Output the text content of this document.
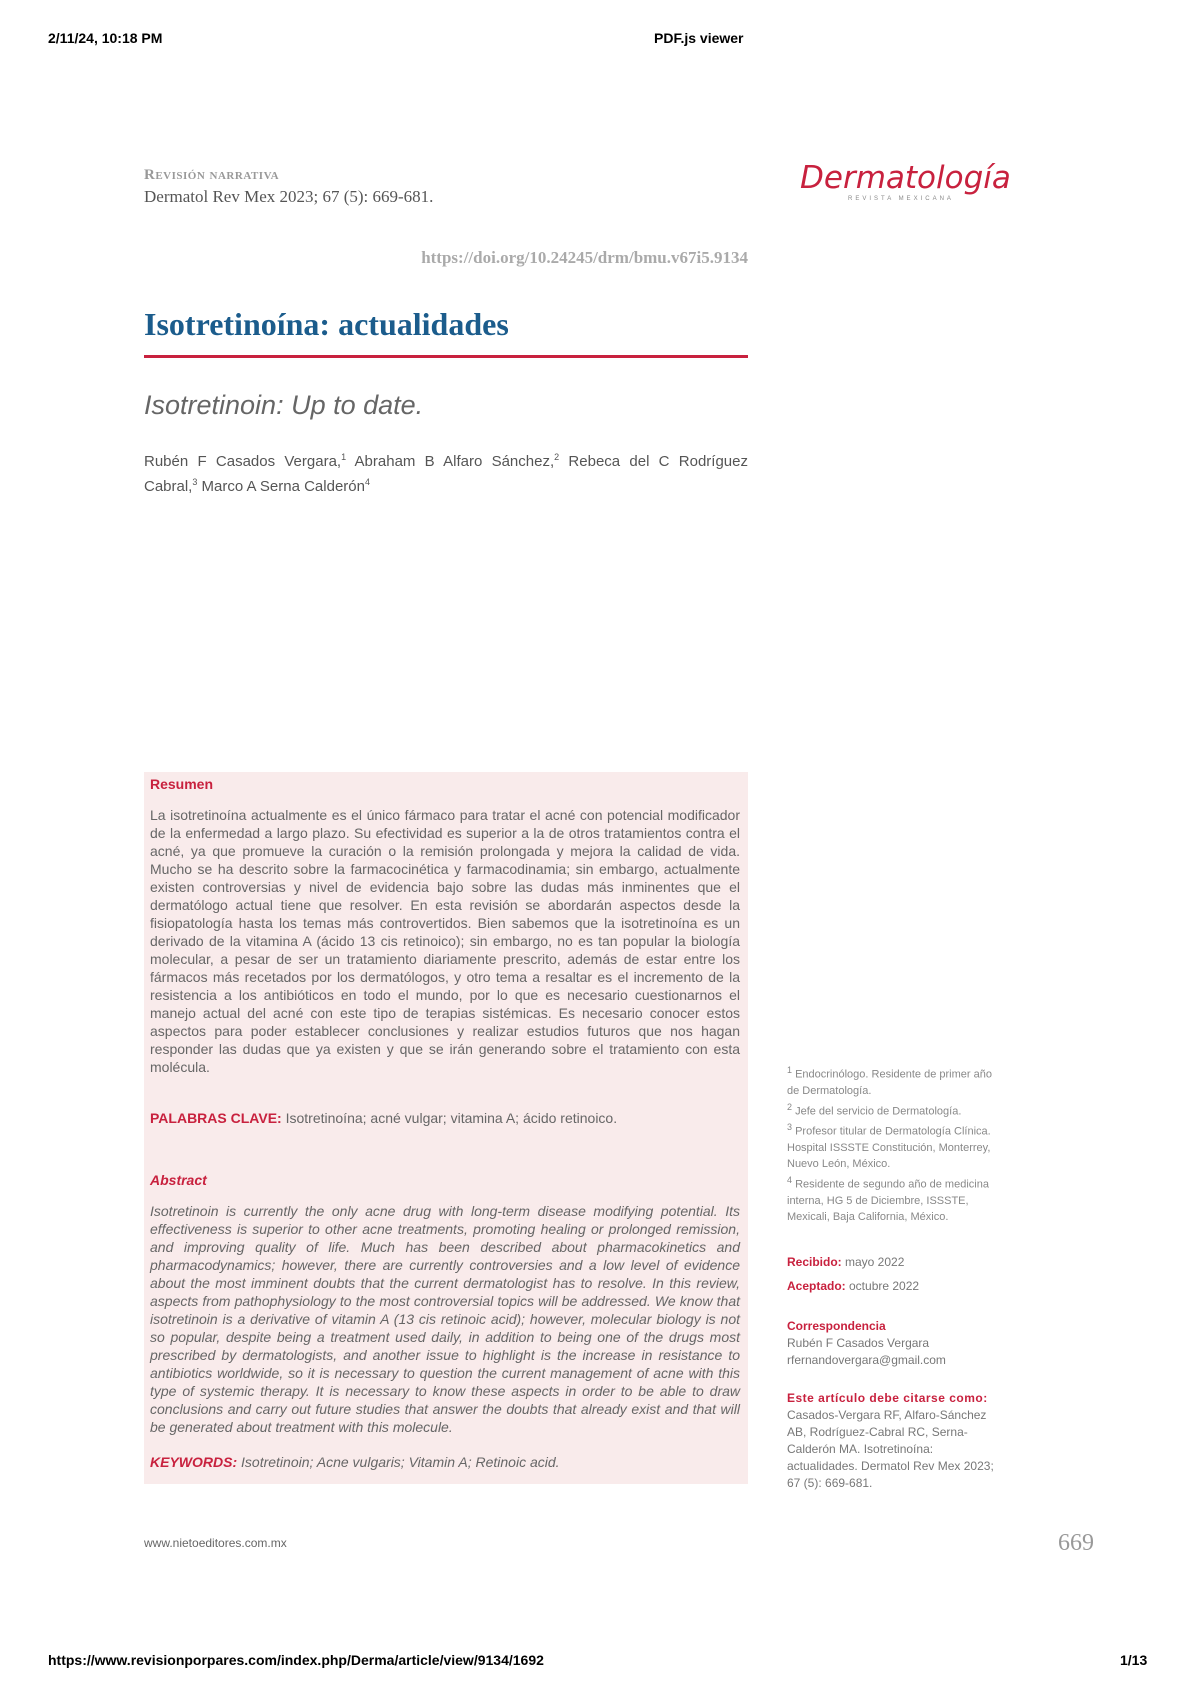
2/11/24, 10:18 PM	PDF.js viewer
Revisión narrativa
Dermatol Rev Mex 2023; 67 (5): 669-681.
Dermatología
REVISTA MEXICANA
https://doi.org/10.24245/drm/bmu.v67i5.9134
Isotretinoína: actualidades
Isotretinoin: Up to date.
Rubén F Casados Vergara,$^1$ Abraham B Alfaro Sánchez,$^2$ Rebeca del C Rodríguez Cabral,$^3$ Marco A Serna Calderón$^4$
Resumen
La isotretinoína actualmente es el único fármaco para tratar el acné con potencial modificador de la enfermedad a largo plazo. Su efectividad es superior a la de otros tratamientos contra el acné, ya que promueve la curación o la remisión prolongada y mejora la calidad de vida. Mucho se ha descrito sobre la farmacocinética y farmacodinamia; sin embargo, actualmente existen controversias y nivel de evidencia bajo sobre las dudas más inminentes que el dermatólogo actual tiene que resolver. En esta revisión se abordarán aspectos desde la fisiopatología hasta los temas más controvertidos. Bien sabemos que la isotretinoína es un derivado de la vitamina A (ácido 13 cis retinoico); sin embargo, no es tan popular la biología molecular, a pesar de ser un tratamiento diariamente prescrito, además de estar entre los fármacos más recetados por los dermatólogos, y otro tema a resaltar es el incremento de la resistencia a los antibióticos en todo el mundo, por lo que es necesario cuestionarnos el manejo actual del acné con este tipo de terapias sistémicas. Es necesario conocer estos aspectos para poder establecer conclusiones y realizar estudios futuros que nos hagan responder las dudas que ya existen y que se irán generando sobre el tratamiento con esta molécula.
PALABRAS CLAVE: Isotretinoína; acné vulgar; vitamina A; ácido retinoico.
Abstract
Isotretinoin is currently the only acne drug with long-term disease modifying potential. Its effectiveness is superior to other acne treatments, promoting healing or prolonged remission, and improving quality of life. Much has been described about pharmacokinetics and pharmacodynamics; however, there are currently controversies and a low level of evidence about the most imminent doubts that the current dermatologist has to resolve. In this review, aspects from pathophysiology to the most controversial topics will be addressed. We know that isotretinoin is a derivative of vitamin A (13 cis retinoic acid); however, molecular biology is not so popular, despite being a treatment used daily, in addition to being one of the drugs most prescribed by dermatologists, and another issue to highlight is the increase in resistance to antibiotics worldwide, so it is necessary to question the current management of acne with this type of systemic therapy. It is necessary to know these aspects in order to be able to draw conclusions and carry out future studies that answer the doubts that already exist and that will be generated about treatment with this molecule.
KEYWORDS: Isotretinoin; Acne vulgaris; Vitamin A; Retinoic acid.

$^1$ Endocrinólogo. Residente de primer año de Dermatología.

$^2$ Jefe del servicio de Dermatología.

$^3$ Profesor titular de Dermatología Clínica.

Hospital ISSSTE Constitución, Monterrey, Nuevo León, México.

$^4$ Residente de segundo año de medicina interna, HG 5 de Diciembre, ISSSTE, Mexicali, Baja California, México.

Recibido: mayo 2022
Aceptado: octubre 2022
Correspondencia
Rubén F Casados Vergara
rfernandovergara@gmail.com
Este artículo debe citarse como:
Casados-Vergara RF, Alfaro-Sánchez AB, Rodríguez-Cabral RC, Serna-Calderón MA. Isotretinoína: actualidades. Dermatol Rev Mex 2023; 67 (5): 669-681.
www.nietoeditores.com.mx	669
https://www.revisionporpares.com/index.php/Derma/article/view/9134/1692	1/13
